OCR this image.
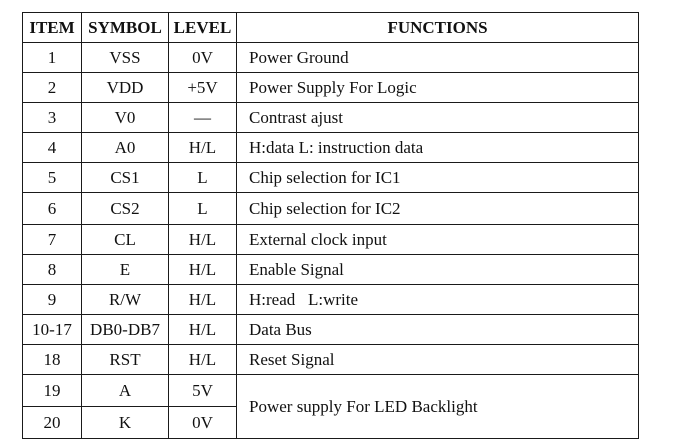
ITEM	SYMBOL	LEVEL	FUNCTIONS
1	VSS	0V	Power Ground
2	VDD	+5V	Power Supply For Logic
3	V0	—	Contrast ajust
4	A0	H/L	H:data L: instruction data
5	CS1	L	Chip selection for IC1
6	CS2	L	Chip selection for IC2
7	CL	H/L	External clock input
8	E	H/L	Enable Signal
9	R/W	H/L	H:read   L:write
10-17	DB0-DB7	H/L	Data Bus
18	RST	H/L	Reset Signal
19	A	5V	Power supply For LED Backlight
20	K	0V	
